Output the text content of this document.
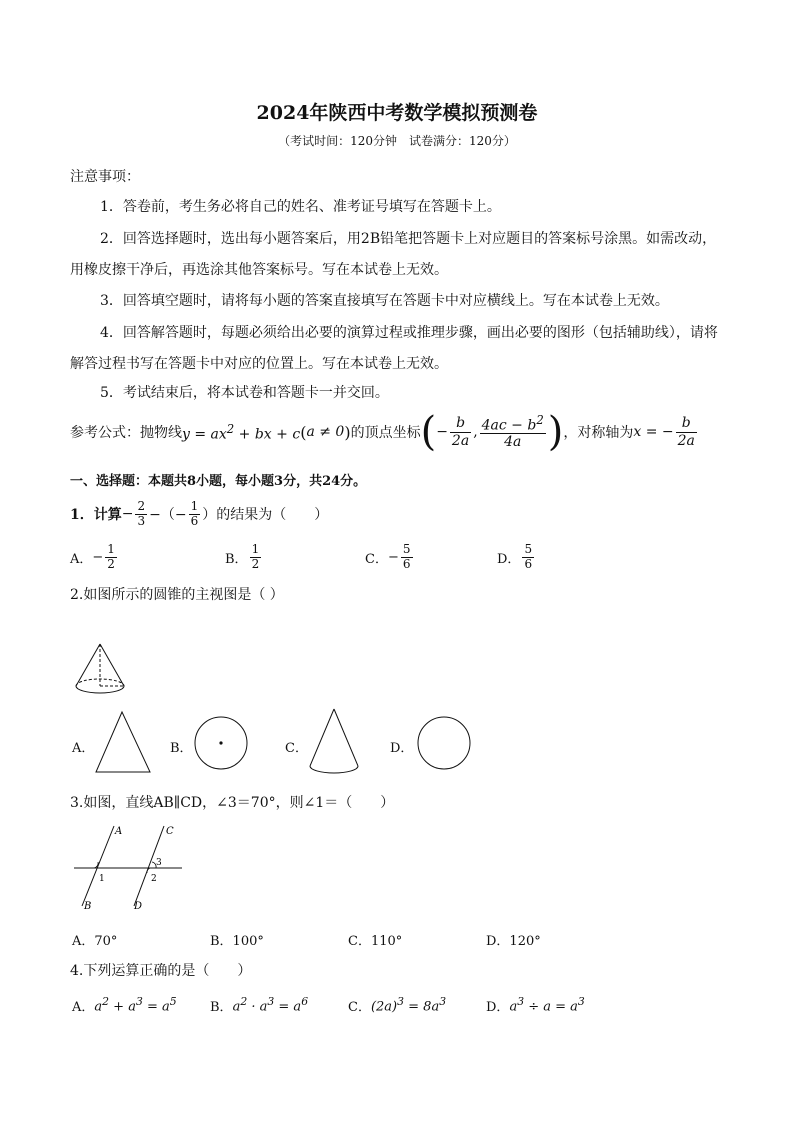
2024年陕西中考数学模拟预测卷
（考试时间：120分钟　试卷满分：120分）
注意事项：
1．答卷前，考生务必将自己的姓名、准考证号填写在答题卡上。
2．回答选择题时，选出每小题答案后，用2B铅笔把答题卡上对应题目的答案标号涂黑。如需改动，
用橡皮擦干净后，再选涂其他答案标号。写在本试卷上无效。
3．回答填空题时，请将每小题的答案直接填写在答题卡中对应横线上。写在本试卷上无效。
4．回答解答题时，每题必须给出必要的演算过程或推理步骤，画出必要的图形（包括辅助线），请将
解答过程书写在答题卡中对应的位置上。写在本试卷上无效。
5．考试结束后，将本试卷和答题卡一并交回。
参考公式：抛物线 $y = ax^2$ + bx + c ( a ≠ 0 ) 的顶点坐标 ( − $\frac{b}{2a}$ , $\frac{4ac - b^2}{4a}$ ) ，对称轴为 x = − $\frac{b}{2a}$
一、选择题：本题共8小题，每小题3分，共24分。
1．计算 − $\frac{2}{3}$ −（− $\frac{1}{6}$ ） 的结果为（　　）
A． − $\frac{1}{2}$	B． $\frac{1}{2}$	C． − $\frac{5}{6}$	D． $\frac{5}{6}$
2.如图所示的圆锥的主视图是（ ）
A．	B．	C．	D．
3.如图，直线AB∥CD，∠3＝70°，则∠1＝（　　）
A	C
3
1	2
B	D
A．70°	B．100°	C．110°	D．120°
4.下列运算正确的是（　　）
A． $a^2 + a^3 = a^5$	B． $a^2 \cdot a^3 = a^6$	C． $(2a)^3 = 8a^3$	D． $a^3 \div a = a^3$
